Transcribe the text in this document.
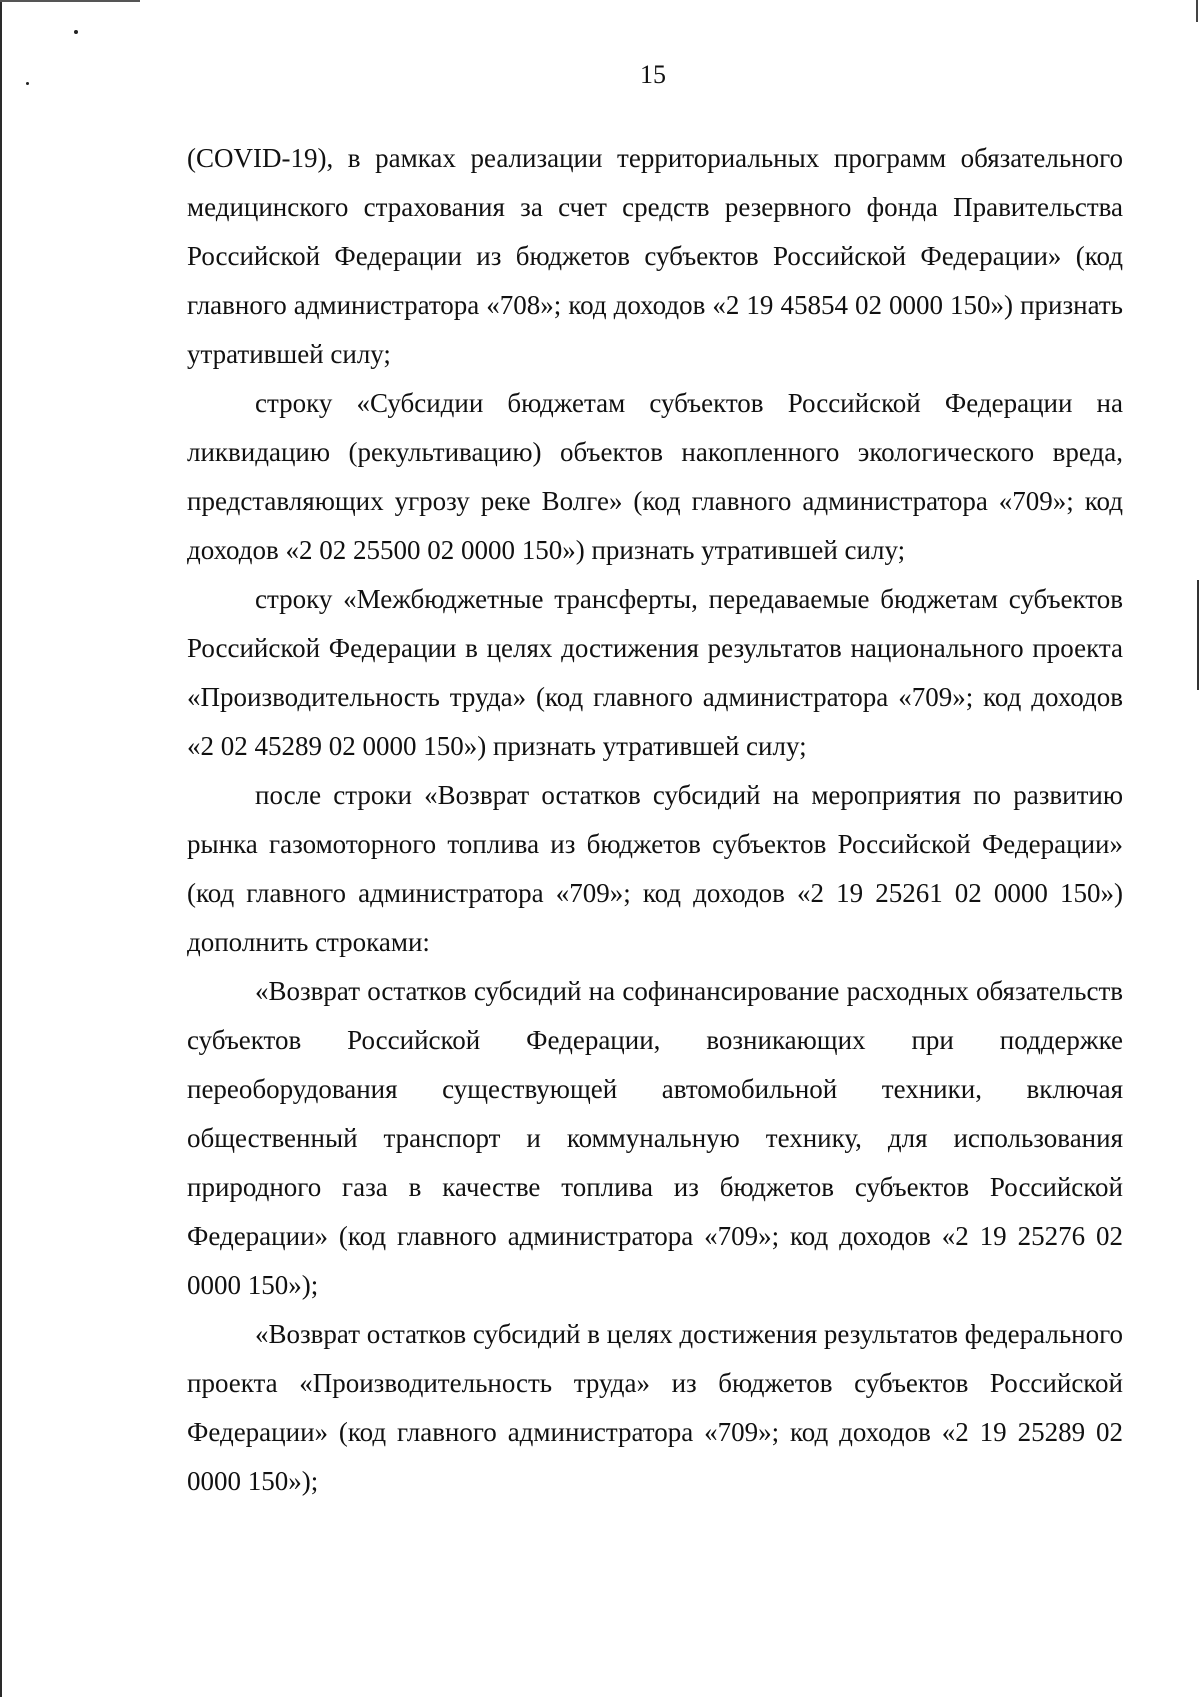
15

(COVID-19), в рамках реализации территориальных программ обязательного медицинского страхования за счет средств резервного фонда Правительства Российской Федерации из бюджетов субъектов Российской Федерации» (код главного администратора «708»; код доходов «2 19 45854 02 0000 150») признать утратившей силу;

строку «Субсидии бюджетам субъектов Российской Федерации на ликвидацию (рекультивацию) объектов накопленного экологического вреда, представляющих угрозу реке Волге» (код главного администратора «709»; код доходов «2 02 25500 02 0000 150») признать утратившей силу;

строку «Межбюджетные трансферты, передаваемые бюджетам субъектов Российской Федерации в целях достижения результатов национального проекта «Производительность труда» (код главного администратора «709»; код доходов «2 02 45289 02 0000 150») признать утратившей силу;

после строки «Возврат остатков субсидий на мероприятия по развитию рынка газомоторного топлива из бюджетов субъектов Российской Федерации» (код главного администратора «709»; код доходов «2 19 25261 02 0000 150») дополнить строками:

«Возврат остатков субсидий на софинансирование расходных обязательств субъектов Российской Федерации, возникающих при поддержке переоборудования существующей автомобильной техники, включая общественный транспорт и коммунальную технику, для использования природного газа в качестве топлива из бюджетов субъектов Российской Федерации» (код главного администратора «709»; код доходов «2 19 25276 02 0000 150»);

«Возврат остатков субсидий в целях достижения результатов федерального проекта «Производительность труда» из бюджетов субъектов Российской Федерации» (код главного администратора «709»; код доходов «2 19 25289 02 0000 150»);
